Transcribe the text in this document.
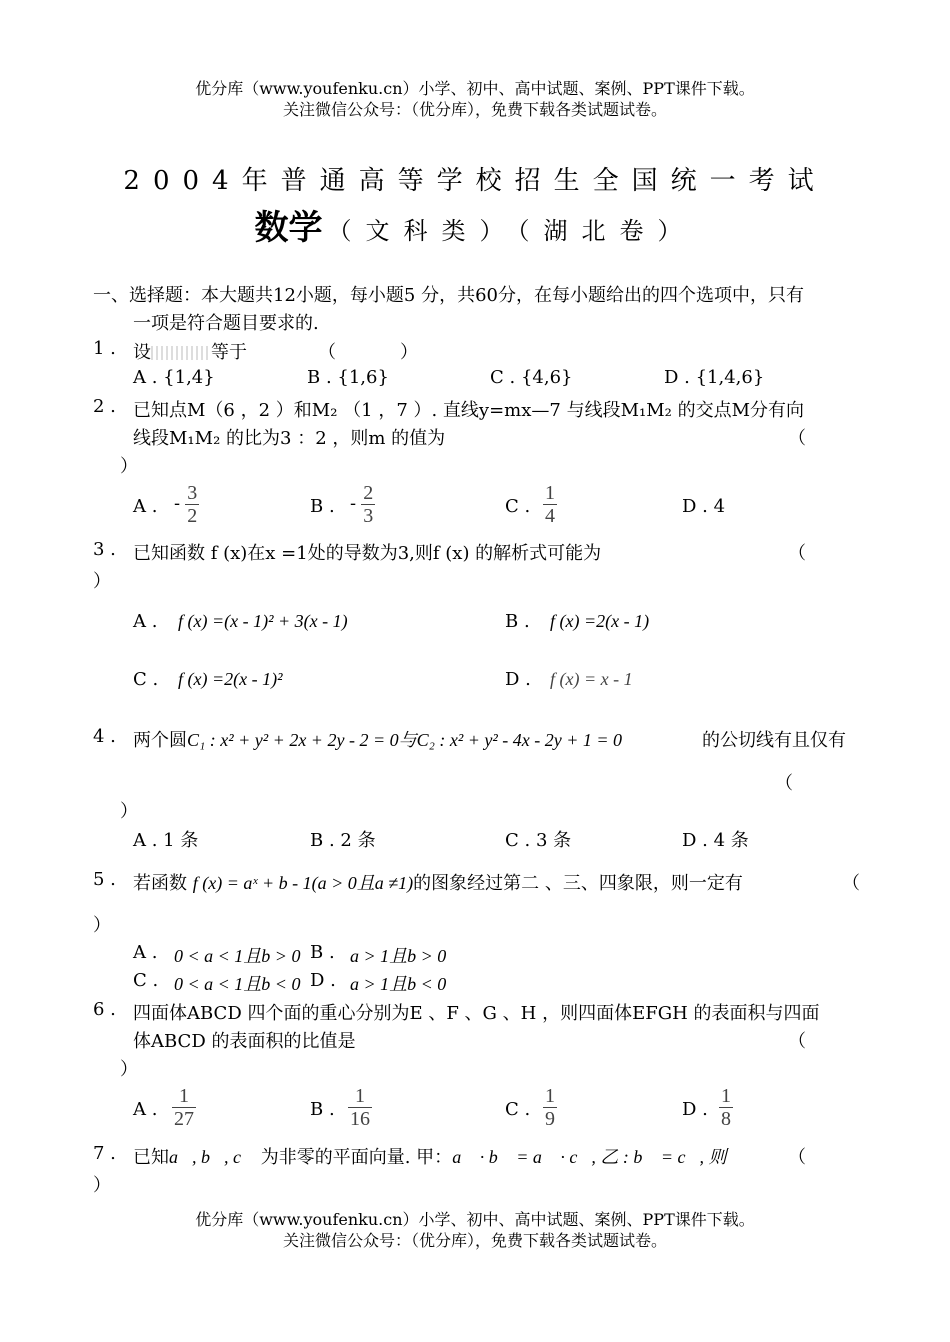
优分库（www.youfenku.cn）小学、初中、高中试题、案例、PPT课件下载。
关注微信公众号：（优分库），免费下载各类试题试卷。
2004年普通高等学校招生全国统一考试
数学 （文科类）（湖北卷）
一、选择题：本大题共12小题，每小题5 分，共60分，在每小题给出的四个选项中，只有
一项是符合题目要求的.
1 . 设	等于	（	）
A . {1,4}	B . {1,6}	C . {4,6}	D . {1,4,6}
2 . 已知点M（6 ，2 ）和M₂ （1 ，7 ）. 直线y=mx—7 与线段M₁M₂ 的交点M分有向
线段M₁M₂ 的比为3 ：2 ，则m 的值为	（
）
A . - $\frac{3}{2}$	B . - $\frac{2}{3}$	C . $\frac{1}{4}$	D . 4
3 . 已知函数 f (x)在x =1处的导数为3,则f (x) 的解析式可能为	（
）
A . f (x) =(x - 1)² + 3(x - 1)	B . f (x) =2(x - 1)
C . f (x) =2(x - 1)²	D . f (x) = x - 1
4 . 两个圆C₁ : x² + y² + 2x + 2y - 2 = 0与C₂ : x² + y² - 4x - 2y + 1 = 0	的公切线有且仅有
（
）
A . 1 条	B . 2 条	C . 3 条	D . 4 条
5 . 若函数 f (x) = aˣ + b - 1(a > 0且a ≠1)的图象经过第二 、三、四象限，则一定有	（
）
A . 0 < a < 1且b > 0 B . a > 1且b > 0
C . 0 < a < 1且b < 0 D . a > 1且b < 0
6 . 四面体ABCD 四个面的重心分别为E 、F 、G 、H ，则四面体EFGH 的表面积与四面
体ABCD 的表面积的比值是	（
）
A . $\frac{1}{27}$	B . $\frac{1}{16}$	C . $\frac{1}{9}$	D . $\frac{1}{8}$
7 . 已知a⃗, b⃗, c⃗ 为非零的平面向量. 甲：a⃗ · b⃗ = a⃗ · c⃗, 乙 : b⃗ = c⃗, 则	（
）
优分库（www.youfenku.cn）小学、初中、高中试题、案例、PPT课件下载。
关注微信公众号：（优分库），免费下载各类试题试卷。
